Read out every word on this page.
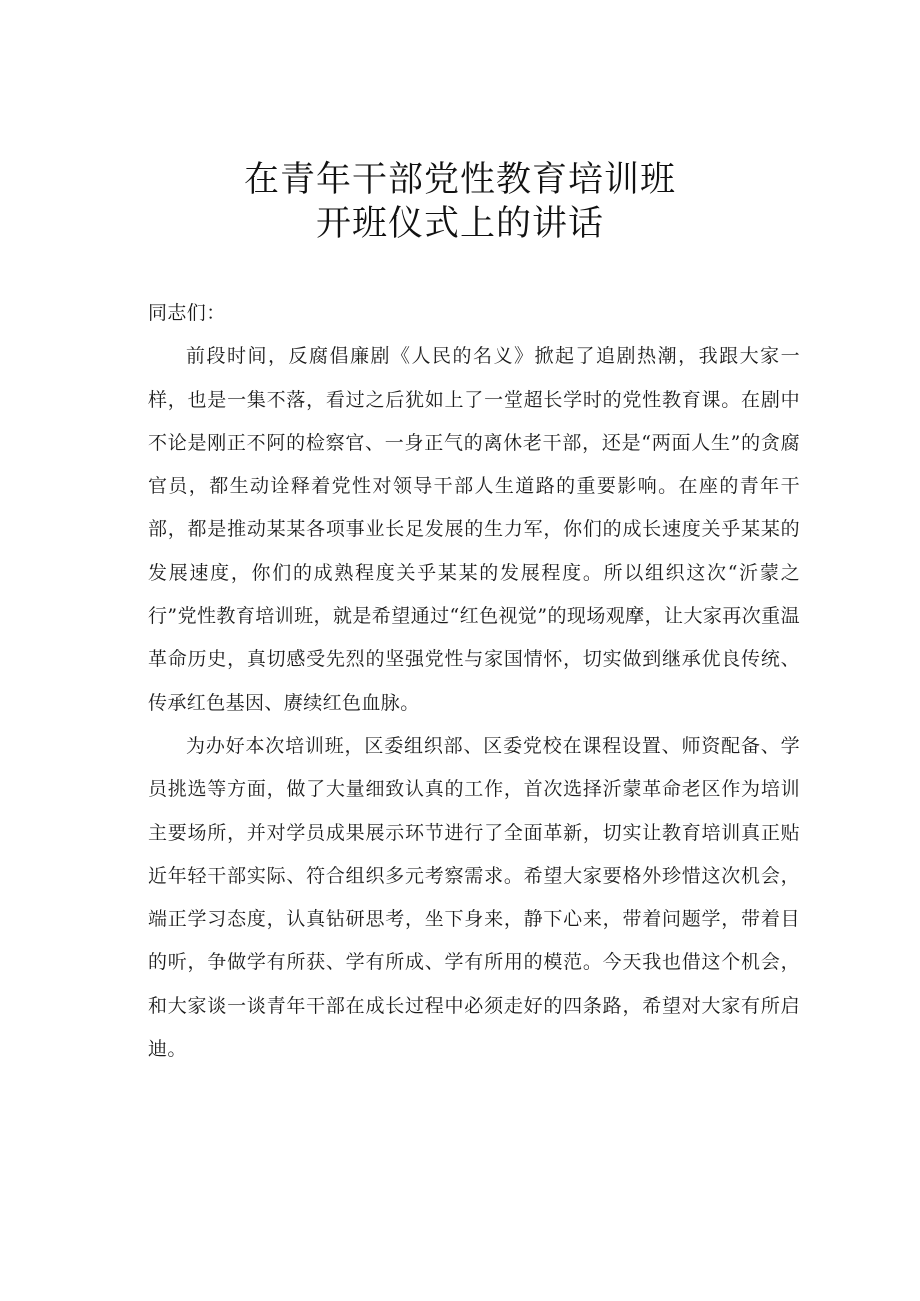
在青年干部党性教育培训班
开班仪式上的讲话

同志们：

前段时间，反腐倡廉剧《人民的名义》掀起了追剧热潮，我跟大家一样，也是一集不落，看过之后犹如上了一堂超长学时的党性教育课。在剧中不论是刚正不阿的检察官、一身正气的离休老干部，还是“两面人生”的贪腐官员，都生动诠释着党性对领导干部人生道路的重要影响。在座的青年干部，都是推动某某各项事业长足发展的生力军，你们的成长速度关乎某某的发展速度，你们的成熟程度关乎某某的发展程度。所以组织这次“沂蒙之行”党性教育培训班，就是希望通过“红色视觉”的现场观摩，让大家再次重温革命历史，真切感受先烈的坚强党性与家国情怀，切实做到继承优良传统、传承红色基因、赓续红色血脉。

为办好本次培训班，区委组织部、区委党校在课程设置、师资配备、学员挑选等方面，做了大量细致认真的工作，首次选择沂蒙革命老区作为培训主要场所，并对学员成果展示环节进行了全面革新，切实让教育培训真正贴近年轻干部实际、符合组织多元考察需求。希望大家要格外珍惜这次机会，端正学习态度，认真钻研思考，坐下身来，静下心来，带着问题学，带着目的听，争做学有所获、学有所成、学有所用的模范。今天我也借这个机会，和大家谈一谈青年干部在成长过程中必须走好的四条路，希望对大家有所启迪。
